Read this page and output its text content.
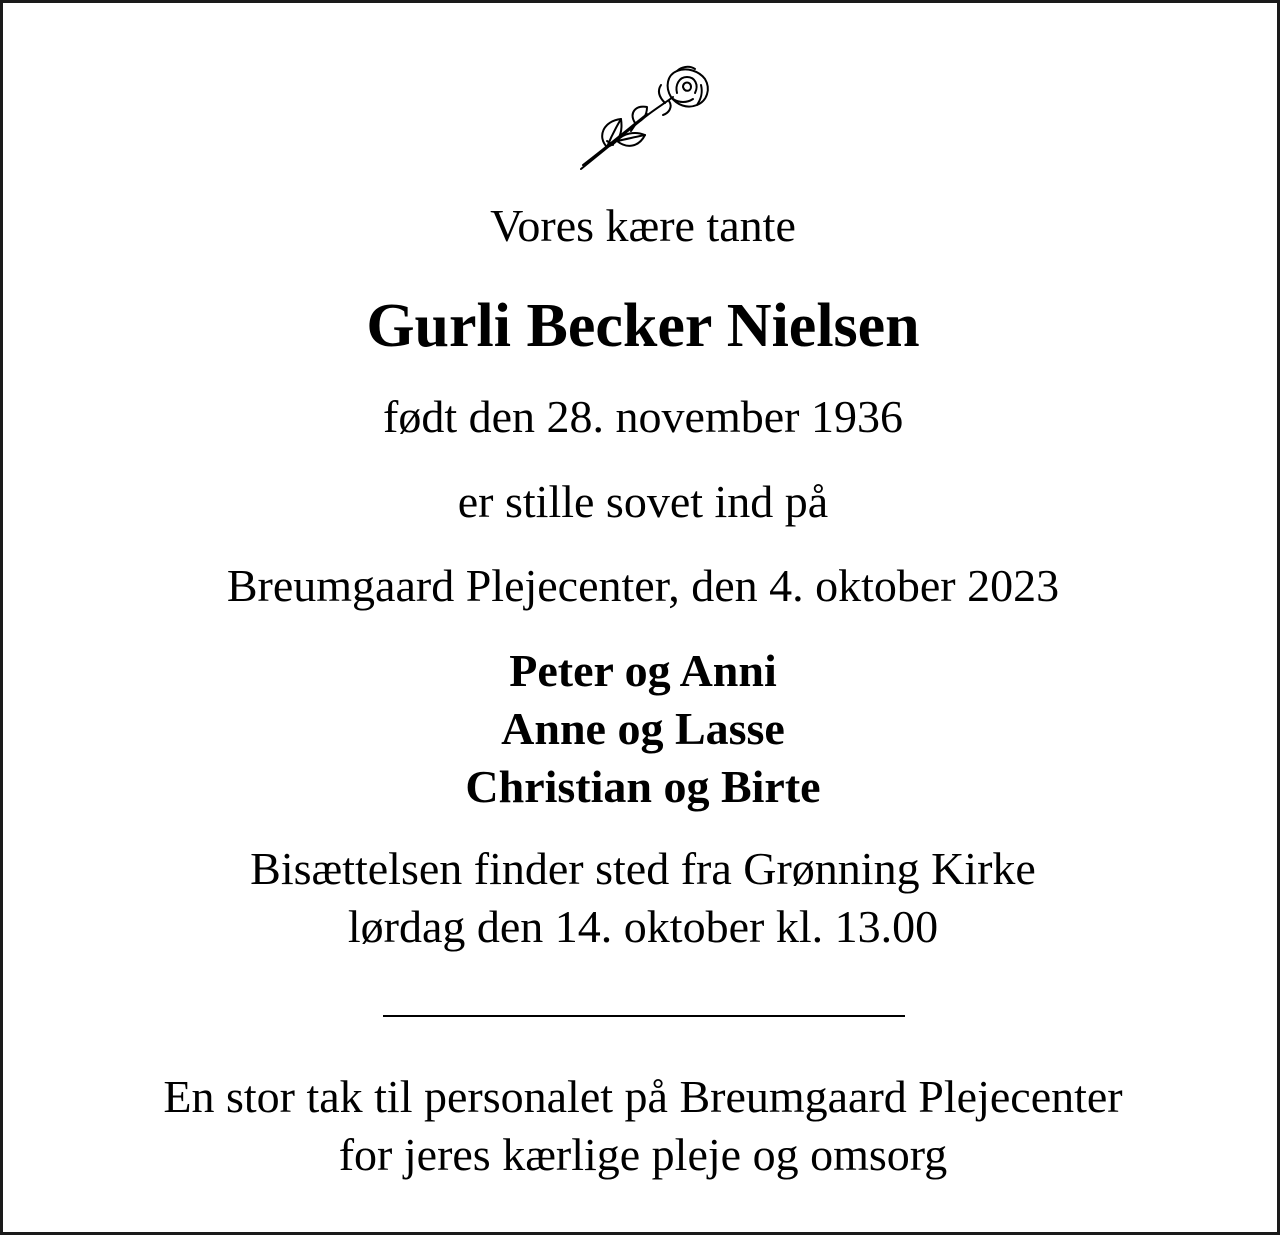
Vores kære tante

Gurli Becker Nielsen

født den 28. november 1936

er stille sovet ind på

Breumgaard Plejecenter, den 4. oktober 2023

Peter og Anni

Anne og Lasse

Christian og Birte

Bisættelsen finder sted fra Grønning Kirke

lørdag den 14. oktober kl. 13.00

En stor tak til personalet på Breumgaard Plejecenter

for jeres kærlige pleje og omsorg
